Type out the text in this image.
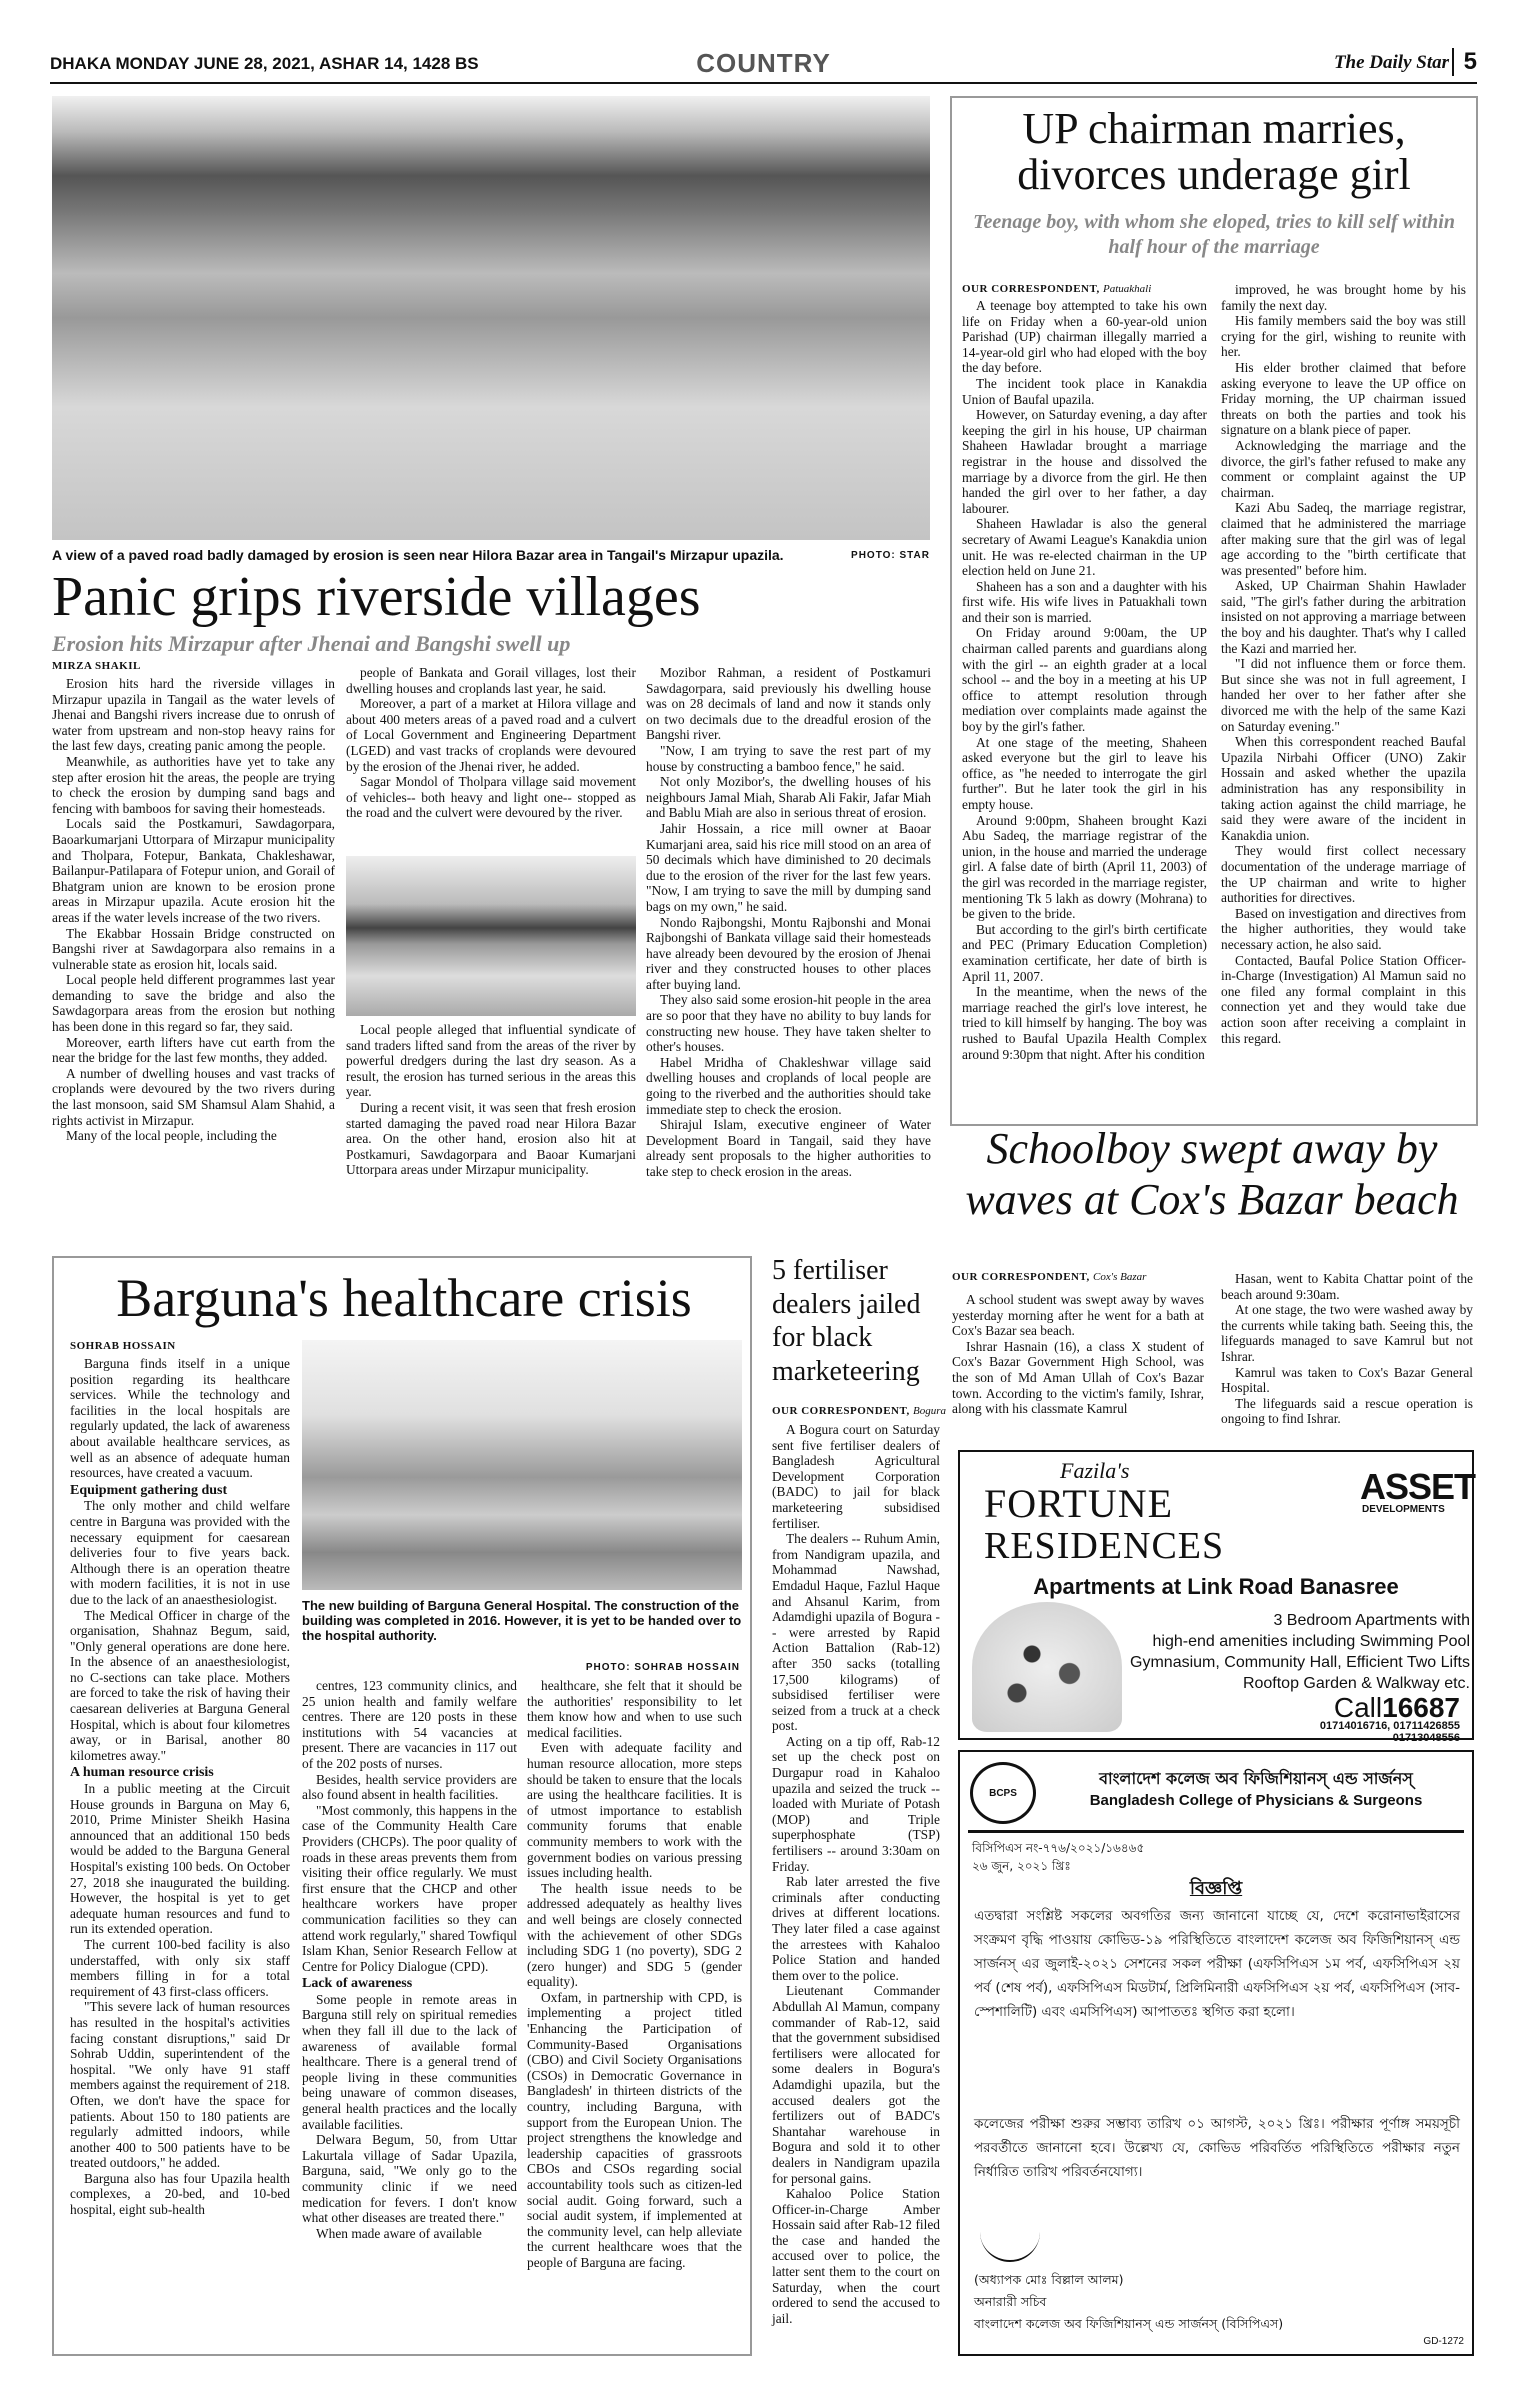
DHAKA MONDAY JUNE 28, 2021, ASHAR 14, 1428 BS	COUNTRY	The Daily Star 5
A view of a paved road badly damaged by erosion is seen near Hilora Bazar area in Tangail's Mirzapur upazila.	PHOTO: STAR
Panic grips riverside villages
Erosion hits Mirzapur after Jhenai and Bangshi swell up
MIRZA SHAKIL

Erosion hits hard the riverside villages in Mirzapur upazila in Tangail as the water levels of Jhenai and Bangshi rivers increase due to onrush of water from upstream and non-stop heavy rains for the last few days, creating panic among the people.

Meanwhile, as authorities have yet to take any step after erosion hit the areas, the people are trying to check the erosion by dumping sand bags and fencing with bamboos for saving their homesteads.

Locals said the Postkamuri, Sawdagorpara, Baoarkumarjani Uttorpara of Mirzapur municipality and Tholpara, Fotepur, Bankata, Chakleshawar, Bailanpur-Patilapara of Fotepur union, and Gorail of Bhatgram union are known to be erosion prone areas in Mirzapur upazila. Acute erosion hit the areas if the water levels increase of the two rivers.

The Ekabbar Hossain Bridge constructed on Bangshi river at Sawdagorpara also remains in a vulnerable state as erosion hit, locals said.

Local people held different programmes last year demanding to save the bridge and also the Sawdagorpara areas from the erosion but nothing has been done in this regard so far, they said.

Moreover, earth lifters have cut earth from the near the bridge for the last few months, they added.

A number of dwelling houses and vast tracks of croplands were devoured by the two rivers during the last monsoon, said SM Shamsul Alam Shahid, a rights activist in Mirzapur.

Many of the local people, including the

people of Bankata and Gorail villages, lost their dwelling houses and croplands last year, he said.

Moreover, a part of a market at Hilora village and about 400 meters areas of a paved road and a culvert of Local Government and Engineering Department (LGED) and vast tracks of croplands were devoured by the erosion of the Jhenai river, he added.

Sagar Mondol of Tholpara village said movement of vehicles-- both heavy and light one-- stopped as the road and the culvert were devoured by the river.

Local people alleged that influential syndicate of sand traders lifted sand from the areas of the river by powerful dredgers during the last dry season. As a result, the erosion has turned serious in the areas this year.

During a recent visit, it was seen that fresh erosion started damaging the paved road near Hilora Bazar area. On the other hand, erosion also hit at Postkamuri, Sawdagorpara and Baoar Kumarjani Uttorpara areas under Mirzapur municipality.

Mozibor Rahman, a resident of Postkamuri Sawdagorpara, said previously his dwelling house was on 28 decimals of land and now it stands only on two decimals due to the dreadful erosion of the Bangshi river.

"Now, I am trying to save the rest part of my house by constructing a bamboo fence," he said.

Not only Mozibor's, the dwelling houses of his neighbours Jamal Miah, Sharab Ali Fakir, Jafar Miah and Bablu Miah are also in serious threat of erosion.

Jahir Hossain, a rice mill owner at Baoar Kumarjani area, said his rice mill stood on an area of 50 decimals which have diminished to 20 decimals due to the erosion of the river for the last few years. "Now, I am trying to save the mill by dumping sand bags on my own," he said.

Nondo Rajbongshi, Montu Rajbonshi and Monai Rajbongshi of Bankata village said their homesteads have already been devoured by the erosion of Jhenai river and they constructed houses to other places after buying land.

They also said some erosion-hit people in the area are so poor that they have no ability to buy lands for constructing new house. They have taken shelter to other's houses.

Habel Mridha of Chakleshwar village said dwelling houses and croplands of local people are going to the riverbed and the authorities should take immediate step to check the erosion.

Shirajul Islam, executive engineer of Water Development Board in Tangail, said they have already sent proposals to the higher authorities to take step to check erosion in the areas.

UP chairman marries, divorces underage girl
Teenage boy, with whom she eloped, tries to kill self within half hour of the marriage
OUR CORRESPONDENT, Patuakhali

A teenage boy attempted to take his own life on Friday when a 60-year-old union Parishad (UP) chairman illegally married a 14-year-old girl who had eloped with the boy the day before.

The incident took place in Kanakdia Union of Baufal upazila.

However, on Saturday evening, a day after keeping the girl in his house, UP chairman Shaheen Hawladar brought a marriage registrar in the house and dissolved the marriage by a divorce from the girl. He then handed the girl over to her father, a day labourer.

Shaheen Hawladar is also the general secretary of Awami League's Kanakdia union unit. He was re-elected chairman in the UP election held on June 21.

Shaheen has a son and a daughter with his first wife. His wife lives in Patuakhali town and their son is married.

On Friday around 9:00am, the UP chairman called parents and guardians along with the girl -- an eighth grader at a local school -- and the boy in a meeting at his UP office to attempt resolution through mediation over complaints made against the boy by the girl's father.

At one stage of the meeting, Shaheen asked everyone but the girl to leave his office, as "he needed to interrogate the girl further". But he later took the girl in his empty house.

Around 9:00pm, Shaheen brought Kazi Abu Sadeq, the marriage registrar of the union, in the house and married the underage girl. A false date of birth (April 11, 2003) of the girl was recorded in the marriage register, mentioning Tk 5 lakh as dowry (Mohrana) to be given to the bride.

But according to the girl's birth certificate and PEC (Primary Education Completion) examination certificate, her date of birth is April 11, 2007.

In the meantime, when the news of the marriage reached the girl's love interest, he tried to kill himself by hanging. The boy was rushed to Baufal Upazila Health Complex around 9:30pm that night. After his condition

improved, he was brought home by his family the next day.

His family members said the boy was still crying for the girl, wishing to reunite with her.

His elder brother claimed that before asking everyone to leave the UP office on Friday morning, the UP chairman issued threats on both the parties and took his signature on a blank piece of paper.

Acknowledging the marriage and the divorce, the girl's father refused to make any comment or complaint against the UP chairman.

Kazi Abu Sadeq, the marriage registrar, claimed that he administered the marriage after making sure that the girl was of legal age according to the "birth certificate that was presented" before him.

Asked, UP Chairman Shahin Hawlader said, "The girl's father during the arbitration insisted on not approving a marriage between the boy and his daughter. That's why I called the Kazi and married her.

"I did not influence them or force them. But since she was not in full agreement, I handed her over to her father after she divorced me with the help of the same Kazi on Saturday evening."

When this correspondent reached Baufal Upazila Nirbahi Officer (UNO) Zakir Hossain and asked whether the upazila administration has any responsibility in taking action against the child marriage, he said they were aware of the incident in Kanakdia union.

They would first collect necessary documentation of the underage marriage of the UP chairman and write to higher authorities for directives.

Based on investigation and directives from the higher authorities, they would take necessary action, he also said.

Contacted, Baufal Police Station Officer-in-Charge (Investigation) Al Mamun said no one filed any formal complaint in this connection yet and they would take due action soon after receiving a complaint in this regard.

Barguna's healthcare crisis
SOHRAB HOSSAIN

Barguna finds itself in a unique position regarding its healthcare services. While the technology and facilities in the local hospitals are regularly updated, the lack of awareness about available healthcare services, as well as an absence of adequate human resources, have created a vacuum.

Equipment gathering dust

The only mother and child welfare centre in Barguna was provided with the necessary equipment for caesarean deliveries four to five years back. Although there is an operation theatre with modern facilities, it is not in use due to the lack of an anaesthesiologist.

The Medical Officer in charge of the organisation, Shahnaz Begum, said, "Only general operations are done here. In the absence of an anaesthesiologist, no C-sections can take place. Mothers are forced to take the risk of having their caesarean deliveries at Barguna General Hospital, which is about four kilometres away, or in Barisal, another 80 kilometres away."

A human resource crisis

In a public meeting at the Circuit House grounds in Barguna on May 6, 2010, Prime Minister Sheikh Hasina announced that an additional 150 beds would be added to the Barguna General Hospital's existing 100 beds. On October 27, 2018 she inaugurated the building. However, the hospital is yet to get adequate human resources and fund to run its extended operation.

The current 100-bed facility is also understaffed, with only six staff members filling in for a total requirement of 43 first-class officers.

"This severe lack of human resources has resulted in the hospital's activities facing constant disruptions," said Dr Sohrab Uddin, superintendent of the hospital. "We only have 91 staff members against the requirement of 218. Often, we don't have the space for patients. About 150 to 180 patients are regularly admitted indoors, while another 400 to 500 patients have to be treated outdoors," he added.

Barguna also has four Upazila health complexes, a 20-bed, and 10-bed hospital, eight sub-health

The new building of Barguna General Hospital. The construction of the building was completed in 2016. However, it is yet to be handed over to the hospital authority.
PHOTO: SOHRAB HOSSAIN

centres, 123 community clinics, and 25 union health and family welfare centres. There are 120 posts in these institutions with 54 vacancies at present. There are vacancies in 117 out of the 202 posts of nurses.

Besides, health service providers are also found absent in health facilities.

"Most commonly, this happens in the case of the Community Health Care Providers (CHCPs). The poor quality of roads in these areas prevents them from visiting their office regularly. We must first ensure that the CHCP and other healthcare workers have proper communication facilities so they can attend work regularly," shared Towfiqul Islam Khan, Senior Research Fellow at Centre for Policy Dialogue (CPD).

Lack of awareness

Some people in remote areas in Barguna still rely on spiritual remedies when they fall ill due to the lack of awareness of available formal healthcare. There is a general trend of people living in these communities being unaware of common diseases, general health practices and the locally available facilities.

Delwara Begum, 50, from Uttar Lakurtala village of Sadar Upazila, Barguna, said, "We only go to the community clinic if we need medication for fevers. I don't know what other diseases are treated there."

When made aware of available

healthcare, she felt that it should be the authorities' responsibility to let them know how and when to use such medical facilities.

Even with adequate facility and human resource allocation, more steps should be taken to ensure that the locals are using the healthcare facilities. It is of utmost importance to establish community forums that enable community members to work with the government bodies on various pressing issues including health.

The health issue needs to be addressed adequately as healthy lives and well beings are closely connected with the achievement of other SDGs including SDG 1 (no poverty), SDG 2 (zero hunger) and SDG 5 (gender equality).

Oxfam, in partnership with CPD, is implementing a project titled 'Enhancing the Participation of Community-Based Organisations (CBO) and Civil Society Organisations (CSOs) in Democratic Governance in Bangladesh' in thirteen districts of the country, including Barguna, with support from the European Union. The project strengthens the knowledge and leadership capacities of grassroots CBOs and CSOs regarding social accountability tools such as citizen-led social audit. Going forward, such a social audit system, if implemented at the community level, can help alleviate the current healthcare woes that the people of Barguna are facing.

5 fertiliser dealers jailed for black marketeering
OUR CORRESPONDENT, Bogura

A Bogura court on Saturday sent five fertiliser dealers of Bangladesh Agricultural Development Corporation (BADC) to jail for black marketeering subsidised fertiliser.

The dealers -- Ruhum Amin, from Nandigram upazila, and Mohammad Nawshad, Emdadul Haque, Fazlul Haque and Ahsanul Karim, from Adamdighi upazila of Bogura -- were arrested by Rapid Action Battalion (Rab-12) after 350 sacks (totalling 17,500 kilograms) of subsidised fertiliser were seized from a truck at a check post.

Acting on a tip off, Rab-12 set up the check post on Durgapur road in Kahaloo upazila and seized the truck -- loaded with Muriate of Potash (MOP) and Triple superphosphate (TSP) fertilisers -- around 3:30am on Friday.

Rab later arrested the five criminals after conducting drives at different locations. They later filed a case against the arrestees with Kahaloo Police Station and handed them over to the police.

Lieutenant Commander Abdullah Al Mamun, company commander of Rab-12, said that the government subsidised fertilisers were allocated for some dealers in Bogura's Adamdighi upazila, but the accused dealers got the fertilizers out of BADC's Shantahar warehouse in Bogura and sold it to other dealers in Nandigram upazila for personal gains.

Kahaloo Police Station Officer-in-Charge Amber Hossain said after Rab-12 filed the case and handed the accused over to police, the latter sent them to the court on Saturday, when the court ordered to send the accused to jail.

Schoolboy swept away by waves at Cox's Bazar beach
OUR CORRESPONDENT, Cox's Bazar

A school student was swept away by waves yesterday morning after he went for a bath at Cox's Bazar sea beach.

Ishrar Hasnain (16), a class X student of Cox's Bazar Government High School, was the son of Md Aman Ullah of Cox's Bazar town. According to the victim's family, Ishrar, along with his classmate Kamrul

Hasan, went to Kabita Chattar point of the beach around 9:30am.

At one stage, the two were washed away by the currents while taking bath. Seeing this, the lifeguards managed to save Kamrul but not Ishrar.

Kamrul was taken to Cox's Bazar General Hospital.

The lifeguards said a rescue operation is ongoing to find Ishrar.

Fazila's
FORTUNE
RESIDENCES
ASSET
DEVELOPMENTS
Apartments at Link Road Banasree
3 Bedroom Apartments with
high-end amenities including Swimming Pool
Gymnasium, Community Hall, Efficient Two Lifts
Rooftop Garden & Walkway etc.
Call16687
01714016716, 01711426855
01713048556
BCPS
বাংলাদেশ কলেজ অব ফিজিশিয়ানস্ এন্ড সার্জনস্
Bangladesh College of Physicians & Surgeons
বিসিপিএস নং-৭৭৬/২০২১/১৬৪৬৫
২৬ জুন, ২০২১ খ্রিঃ
বিজ্ঞপ্তি
এতদ্বারা সংশ্লিষ্ট সকলের অবগতির জন্য জানানো যাচ্ছে যে, দেশে করোনাভাইরাসের সংক্রমণ বৃদ্ধি পাওয়ায় কোভিড-১৯ পরিস্থিতিতে বাংলাদেশ কলেজ অব ফিজিশিয়ানস্ এন্ড সার্জনস্ এর জুলাই-২০২১ সেশনের সকল পরীক্ষা (এফসিপিএস ১ম পর্ব, এফসিপিএস ২য় পর্ব (শেষ পর্ব), এফসিপিএস মিডটার্ম, প্রিলিমিনারী এফসিপিএস ২য় পর্ব, এফসিপিএস (সাব-স্পেশালিটি) এবং এমসিপিএস) আপাততঃ স্থগিত করা হলো।
কলেজের পরীক্ষা শুরুর সম্ভাব্য তারিখ ০১ আগস্ট, ২০২১ খ্রিঃ। পরীক্ষার পূর্ণাঙ্গ সময়সূচী পরবর্তীতে জানানো হবে। উল্লেখ্য যে, কোভিড পরিবর্তিত পরিস্থিতিতে পরীক্ষার নতুন নির্ধারিত তারিখ পরিবর্তনযোগ্য।
(অধ্যাপক মোঃ বিল্লাল আলম)
অনারারী সচিব
বাংলাদেশ কলেজ অব ফিজিশিয়ানস্ এন্ড সার্জনস্ (বিসিপিএস)
GD-1272
